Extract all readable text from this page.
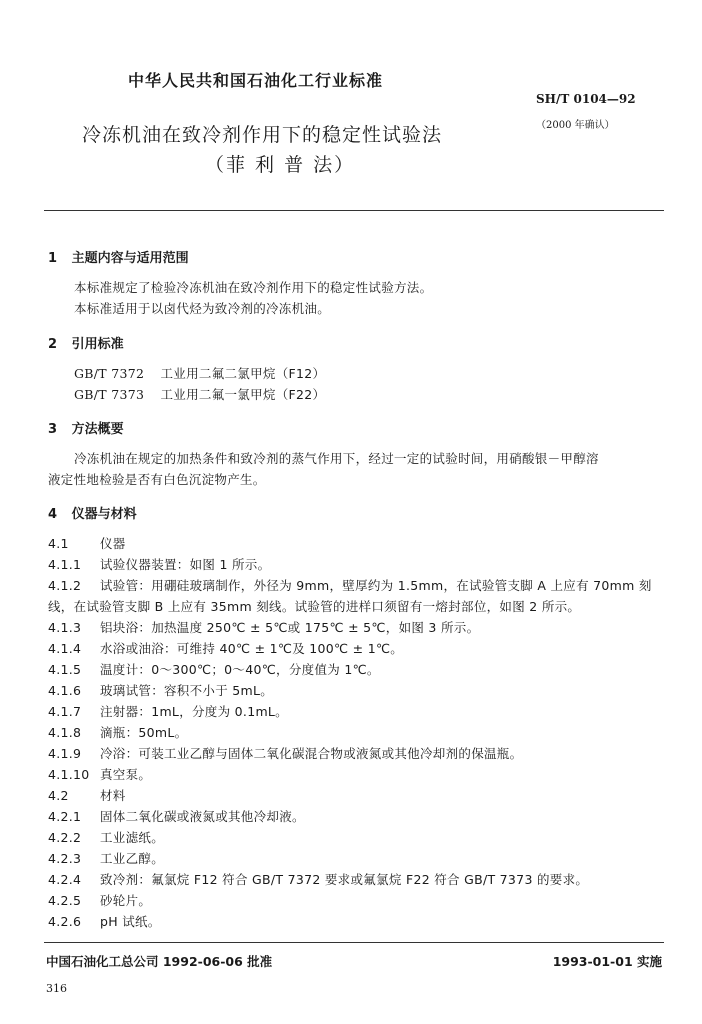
中华人民共和国石油化工行业标准
SH/T 0104—92
（2000 年确认）
冷冻机油在致冷剂作用下的稳定性试验法
（菲 利 普 法）
1 主题内容与适用范围
本标准规定了检验冷冻机油在致冷剂作用下的稳定性试验方法。
本标准适用于以卤代烃为致冷剂的冷冻机油。
2 引用标准
GB/T 7372 工业用二氟二氯甲烷（F12）
GB/T 7373 工业用二氟一氯甲烷（F22）
3 方法概要
冷冻机油在规定的加热条件和致冷剂的蒸气作用下，经过一定的试验时间，用硝酸银－甲醇溶
液定性地检验是否有白色沉淀物产生。
4 仪器与材料
4.1 仪器
4.1.1 试验仪器装置：如图 1 所示。
4.1.2 试验管：用硼硅玻璃制作，外径为 9mm，壁厚约为 1.5mm，在试验管支脚 A 上应有 70mm 刻
线，在试验管支脚 B 上应有 35mm 刻线。试验管的进样口须留有一熔封部位，如图 2 所示。
4.1.3 铝块浴：加热温度 250℃ ± 5℃或 175℃ ± 5℃，如图 3 所示。
4.1.4 水浴或油浴：可维持 40℃ ± 1℃及 100℃ ± 1℃。
4.1.5 温度计：0～300℃；0～40℃，分度值为 1℃。
4.1.6 玻璃试管：容积不小于 5mL。
4.1.7 注射器：1mL，分度为 0.1mL。
4.1.8 滴瓶：50mL。
4.1.9 冷浴：可装工业乙醇与固体二氧化碳混合物或液氮或其他冷却剂的保温瓶。
4.1.10 真空泵。
4.2 材料
4.2.1 固体二氧化碳或液氮或其他冷却液。
4.2.2 工业滤纸。
4.2.3 工业乙醇。
4.2.4 致冷剂：氟氯烷 F12 符合 GB/T 7372 要求或氟氯烷 F22 符合 GB/T 7373 的要求。
4.2.5 砂轮片。
4.2.6 pH 试纸。
中国石油化工总公司 1992-06-06 批准	1993-01-01 实施
316
